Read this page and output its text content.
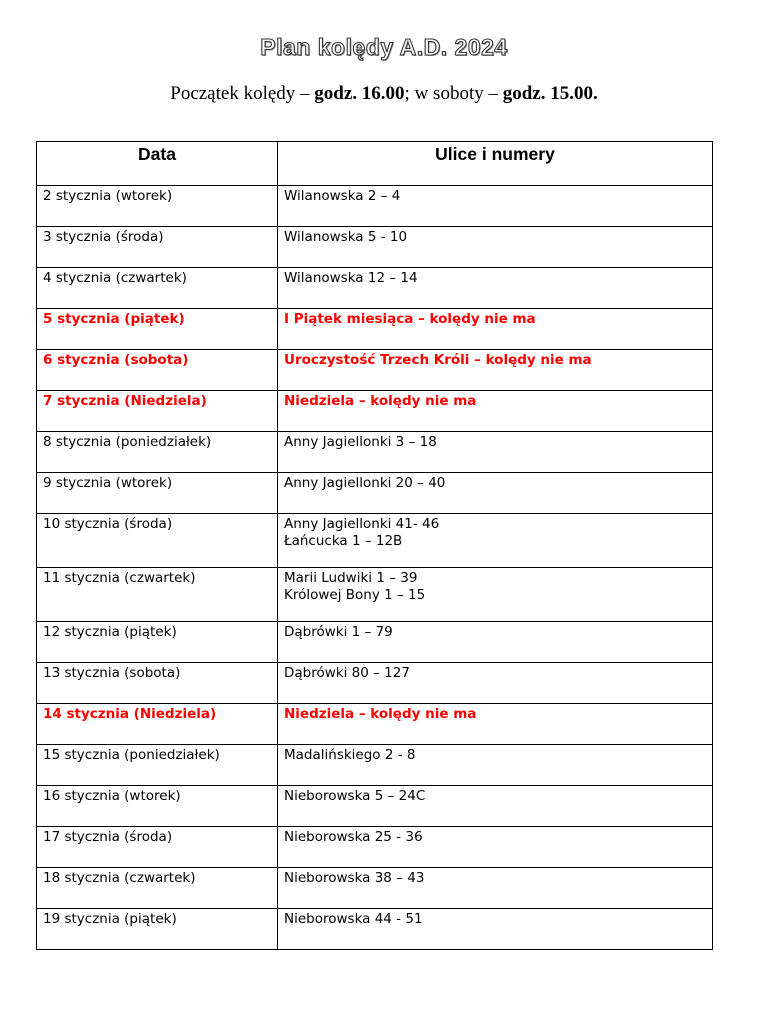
Plan kolędy A.D. 2024
Początek kolędy – godz. 16.00; w soboty – godz. 15.00.
Data	Ulice i numery
2 stycznia (wtorek)	Wilanowska 2 – 4

3 stycznia (środa)	Wilanowska 5 - 10

4 stycznia (czwartek)	Wilanowska 12 – 14

5 stycznia (piątek)	I Piątek miesiąca – kolędy nie ma

6 stycznia (sobota)	Uroczystość Trzech Króli – kolędy nie ma

7 stycznia (Niedziela)	Niedziela – kolędy nie ma

8 stycznia (poniedziałek)	Anny Jagiellonki 3 – 18

9 stycznia (wtorek)	Anny Jagiellonki 20 – 40

10 stycznia (środa)	Anny Jagiellonki 41- 46
Łańcucka 1 – 12B

11 stycznia (czwartek)	Marii Ludwiki 1 – 39
Królowej Bony 1 – 15

12 stycznia (piątek)	Dąbrówki 1 – 79

13 stycznia (sobota)	Dąbrówki 80 – 127

14 stycznia (Niedziela)	Niedziela – kolędy nie ma

15 stycznia (poniedziałek)	Madalińskiego 2 - 8

16 stycznia (wtorek)	Nieborowska 5 – 24C

17 stycznia (środa)	Nieborowska 25 - 36

18 stycznia (czwartek)	Nieborowska 38 – 43

19 stycznia (piątek)	Nieborowska 44 - 51
